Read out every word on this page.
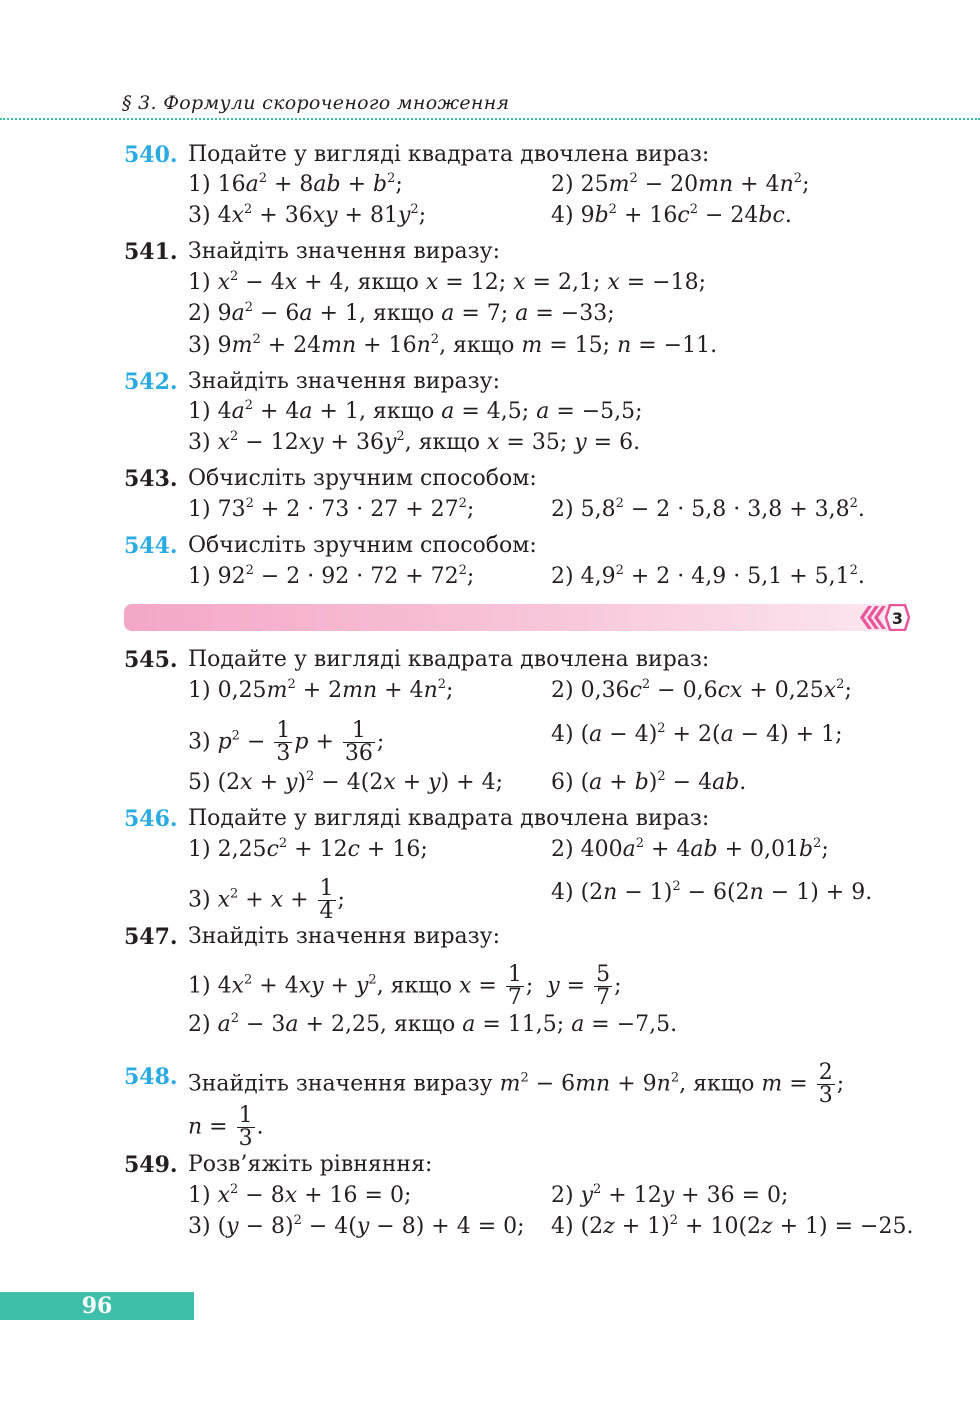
§ 3. Формули скороченого множення
540. Подайте у вигляді квадрата двочлена вираз:
1) $16a^2 + 8ab + b^2$;	2) $25m^2 - 20mn + 4n^2$;
3) $4x^2 + 36xy + 81y^2$;	4) $9b^2 + 16c^2 - 24bc$.
541. Знайдіть значення виразу:
1) $x^2 - 4x + 4$, якщо x = 12; x = 2,1; x = −18;
2) $9a^2 - 6a + 1$, якщо a = 7; a = −33;
3) $9m^2 + 24mn + 16n^2$, якщо m = 15; n = −11.
542. Знайдіть значення виразу:
1) $4a^2 + 4a + 1$, якщо a = 4,5; a = −5,5;
3) $x^2 - 12xy + 36y^2$, якщо x = 35; y = 6.
543. Обчисліть зручним способом:
1) $73^2 + 2 \cdot 73 \cdot 27 + 27^2$;	2) $5,8^2 - 2 \cdot 5,8 \cdot 3,8 + 3,8^2$.
544. Обчисліть зручним способом:
1) $92^2 - 2 \cdot 92 \cdot 72 + 72^2$;	2) $4,9^2 + 2 \cdot 4,9 \cdot 5,1 + 5,1^2$.
3
545. Подайте у вигляді квадрата двочлена вираз:
1) $0,25m^2 + 2mn + 4n^2$;	2) $0,36c^2 - 0,6cx + 0,25x^2$;
3) $p^2 - \frac{1}{3}$ $p + \frac{1}{36}$ ;	4) $(a - 4)^2 + 2(a - 4) + 1$;
5) $(2x + y)^2 - 4(2x + y) + 4$; 6) $(a + b)^2 - 4ab$.
546. Подайте у вигляді квадрата двочлена вираз:
1) $2,25c^2 + 12c + 16$;	2) $400a^2 + 4ab + 0,01b^2$;
3) $x^2 + x + \frac{1}{4}$ ;	4) $(2n - 1)^2 - 6(2n - 1) + 9$.
547. Знайдіть значення виразу:
1) $4x^2 + 4xy + y^2$, якщо $x = \frac{1}{7}$ ;  $y = \frac{5}{7}$ ;
2) $a^2 - 3a + 2,25$, якщо a = 11,5; a = −7,5.
548. Знайдіть значення виразу $m^2 - 6mn + 9n^2$, якщо $m = \frac{2}{3}$ ;
$n = \frac{1}{3}$ .
549. Розв’яжіть рівняння:
1) $x^2 - 8x + 16 = 0$;	2) $y^2 + 12y + 36 = 0$;
3) $(y - 8)^2 - 4(y - 8) + 4 = 0$; 4) $(2z + 1)^2 + 10(2z + 1) = -25$.
96
